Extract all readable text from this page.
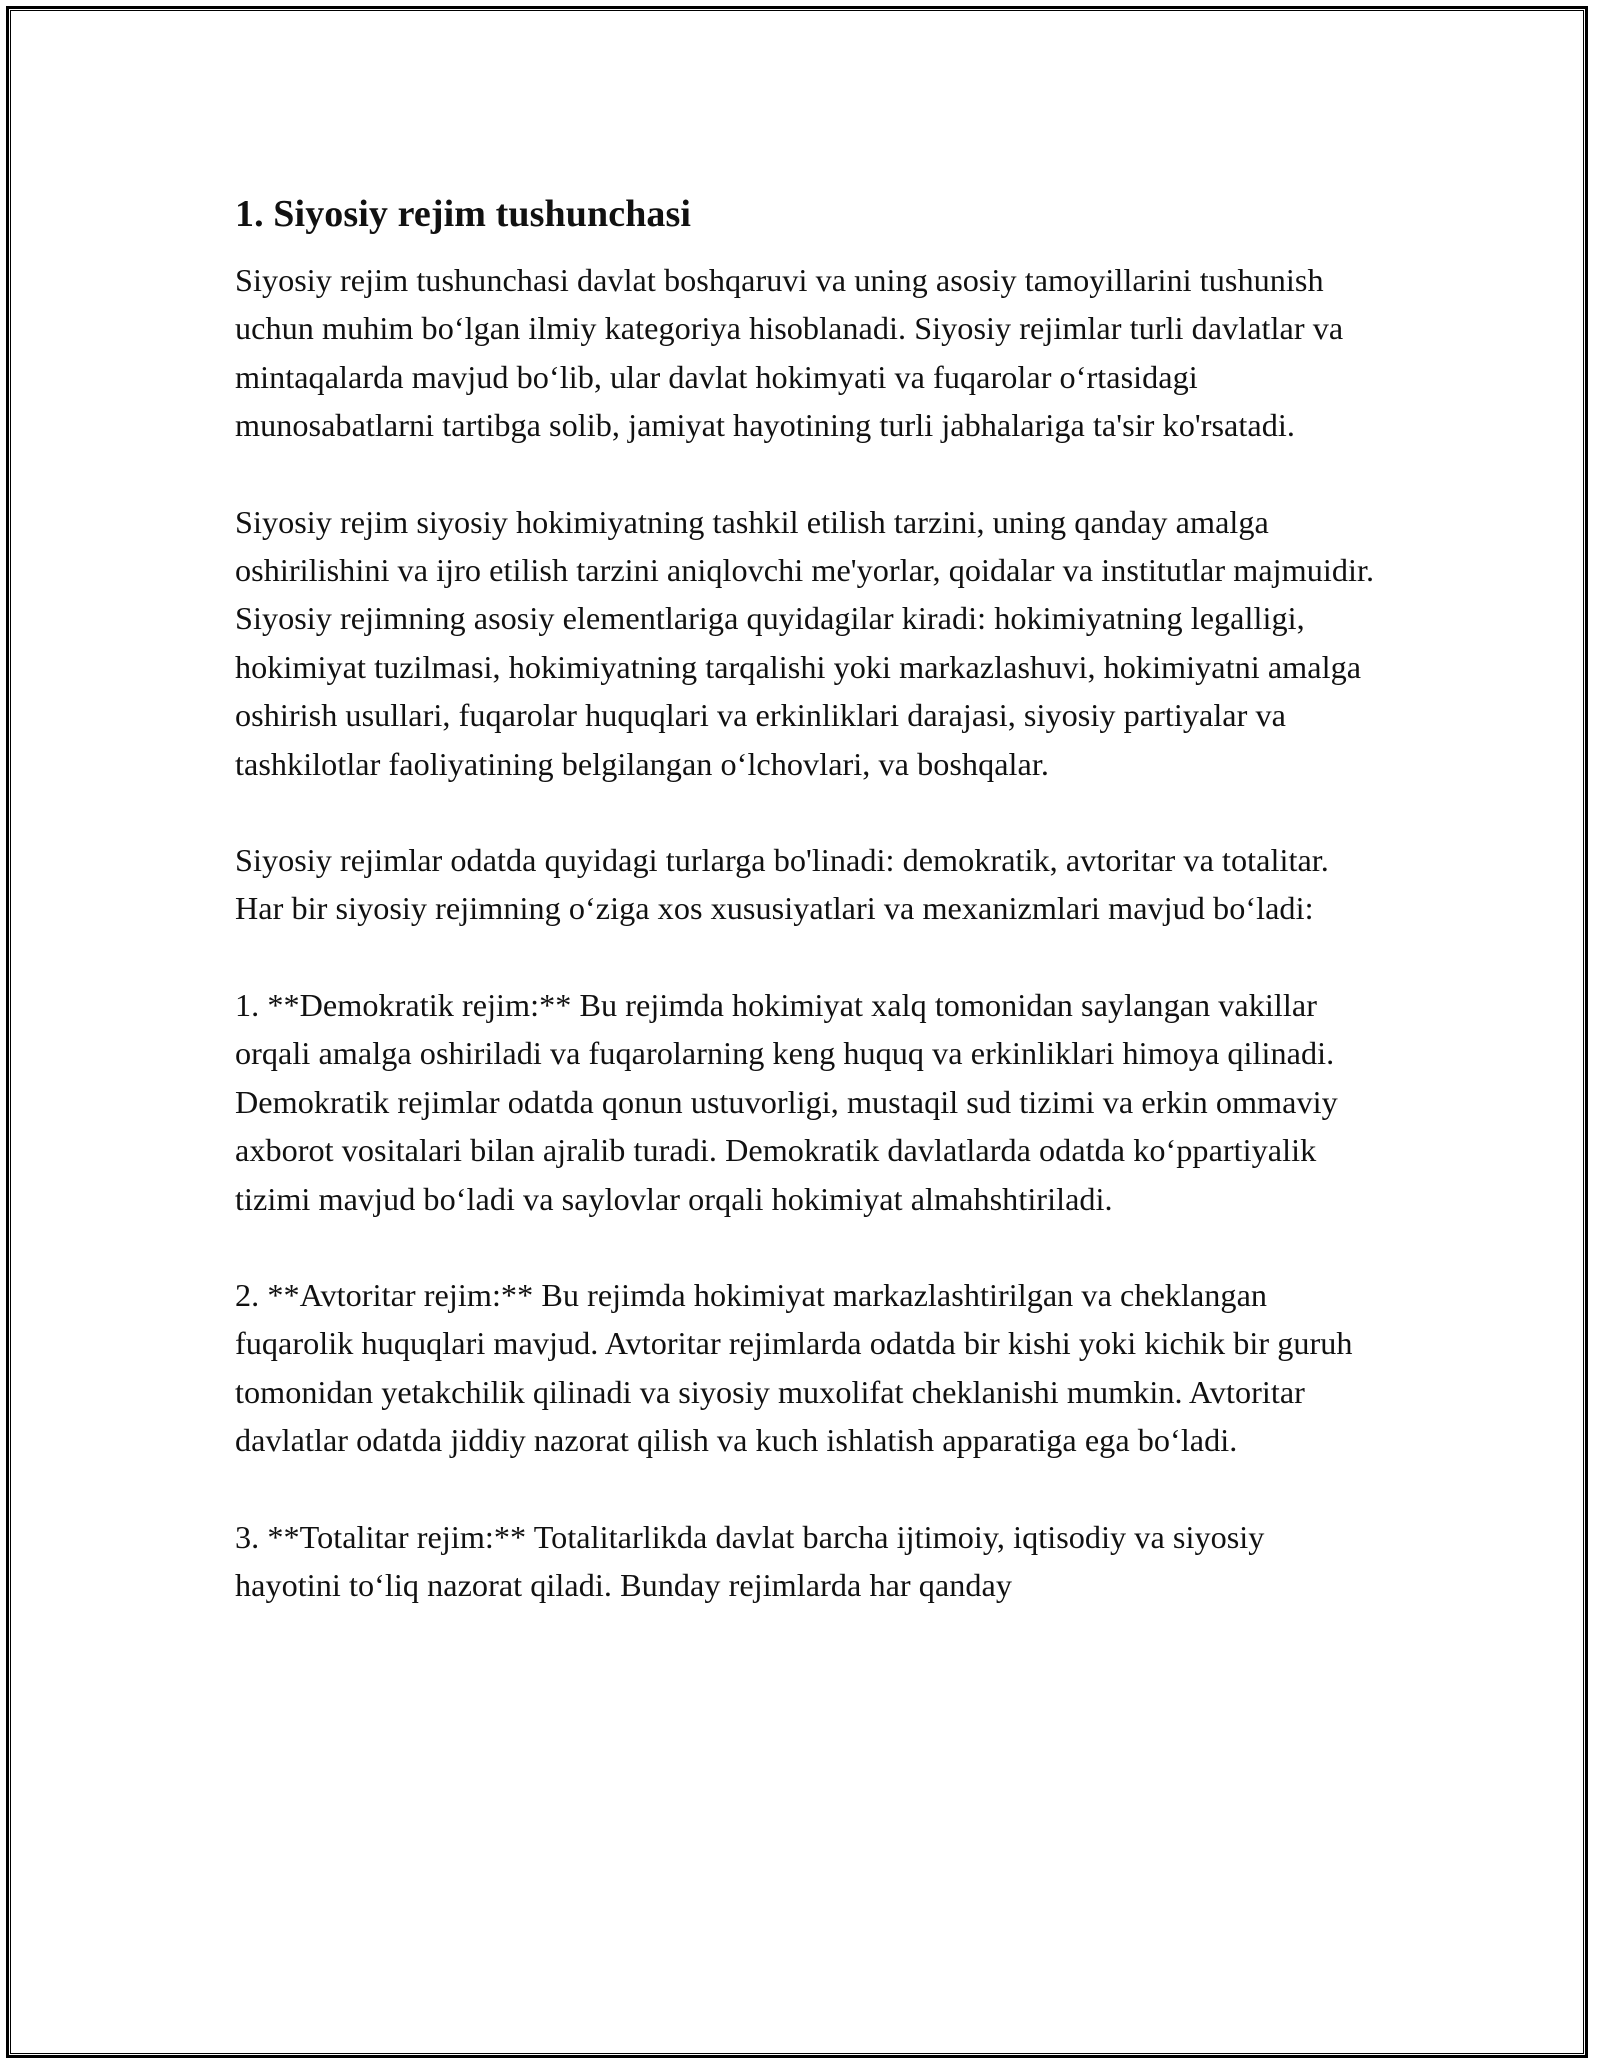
1. Siyosiy rejim tushunchasi

Siyosiy rejim tushunchasi davlat boshqaruvi va uning asosiy tamoyillarini tushunish uchun muhim boʻlgan ilmiy kategoriya hisoblanadi. Siyosiy rejimlar turli davlatlar va mintaqalarda mavjud boʻlib, ular davlat hokimyati va fuqarolar oʻrtasidagi munosabatlarni tartibga solib, jamiyat hayotining turli jabhalariga ta'sir ko'rsatadi.

Siyosiy rejim siyosiy hokimiyatning tashkil etilish tarzini, uning qanday amalga oshirilishini va ijro etilish tarzini aniqlovchi me'yorlar, qoidalar va institutlar majmuidir. Siyosiy rejimning asosiy elementlariga quyidagilar kiradi: hokimiyatning legalligi, hokimiyat tuzilmasi, hokimiyatning tarqalishi yoki markazlashuvi, hokimiyatni amalga oshirish usullari, fuqarolar huquqlari va erkinliklari darajasi, siyosiy partiyalar va tashkilotlar faoliyatining belgilangan oʻlchovlari, va boshqalar.

Siyosiy rejimlar odatda quyidagi turlarga bo'linadi: demokratik, avtoritar va totalitar. Har bir siyosiy rejimning oʻziga xos xususiyatlari va mexanizmlari mavjud boʻladi:

1. **Demokratik rejim:** Bu rejimda hokimiyat xalq tomonidan saylangan vakillar orqali amalga oshiriladi va fuqarolarning keng huquq va erkinliklari himoya qilinadi. Demokratik rejimlar odatda qonun ustuvorligi, mustaqil sud tizimi va erkin ommaviy axborot vositalari bilan ajralib turadi. Demokratik davlatlarda odatda koʻppartiyalik tizimi mavjud boʻladi va saylovlar orqali hokimiyat almahshtiriladi.

2. **Avtoritar rejim:** Bu rejimda hokimiyat markazlashtirilgan va cheklangan fuqarolik huquqlari mavjud. Avtoritar rejimlarda odatda bir kishi yoki kichik bir guruh tomonidan yetakchilik qilinadi va siyosiy muxolifat cheklanishi mumkin. Avtoritar davlatlar odatda jiddiy nazorat qilish va kuch ishlatish apparatiga ega boʻladi.

3. **Totalitar rejim:** Totalitarlikda davlat barcha ijtimoiy, iqtisodiy va siyosiy hayotini toʻliq nazorat qiladi. Bunday rejimlarda har qanday
